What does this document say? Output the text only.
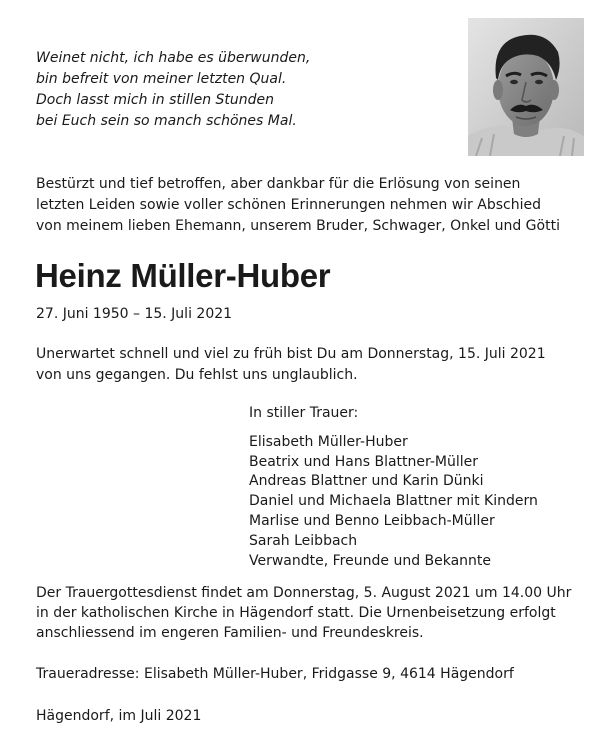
Weinet nicht, ich habe es überwunden,
bin befreit von meiner letzten Qual.
Doch lasst mich in stillen Stunden
bei Euch sein so manch schönes Mal.
Bestürzt und tief betroffen, aber dankbar für die Erlösung von seinen
letzten Leiden sowie voller schönen Erinnerungen nehmen wir Abschied
von meinem lieben Ehemann, unserem Bruder, Schwager, Onkel und Götti
Heinz Müller-Huber
27. Juni 1950 – 15. Juli 2021
Unerwartet schnell und viel zu früh bist Du am Donnerstag, 15. Juli 2021
von uns gegangen. Du fehlst uns unglaublich.
In stiller Trauer:
Elisabeth Müller-Huber
Beatrix und Hans Blattner-Müller
Andreas Blattner und Karin Dünki
Daniel und Michaela Blattner mit Kindern
Marlise und Benno Leibbach-Müller
Sarah Leibbach
Verwandte, Freunde und Bekannte
Der Trauergottesdienst findet am Donnerstag, 5. August 2021 um 14.00 Uhr
in der katholischen Kirche in Hägendorf statt. Die Urnenbeisetzung erfolgt
anschliessend im engeren Familien- und Freundeskreis.
Traueradresse: Elisabeth Müller-Huber, Fridgasse 9, 4614 Hägendorf
Hägendorf, im Juli 2021
